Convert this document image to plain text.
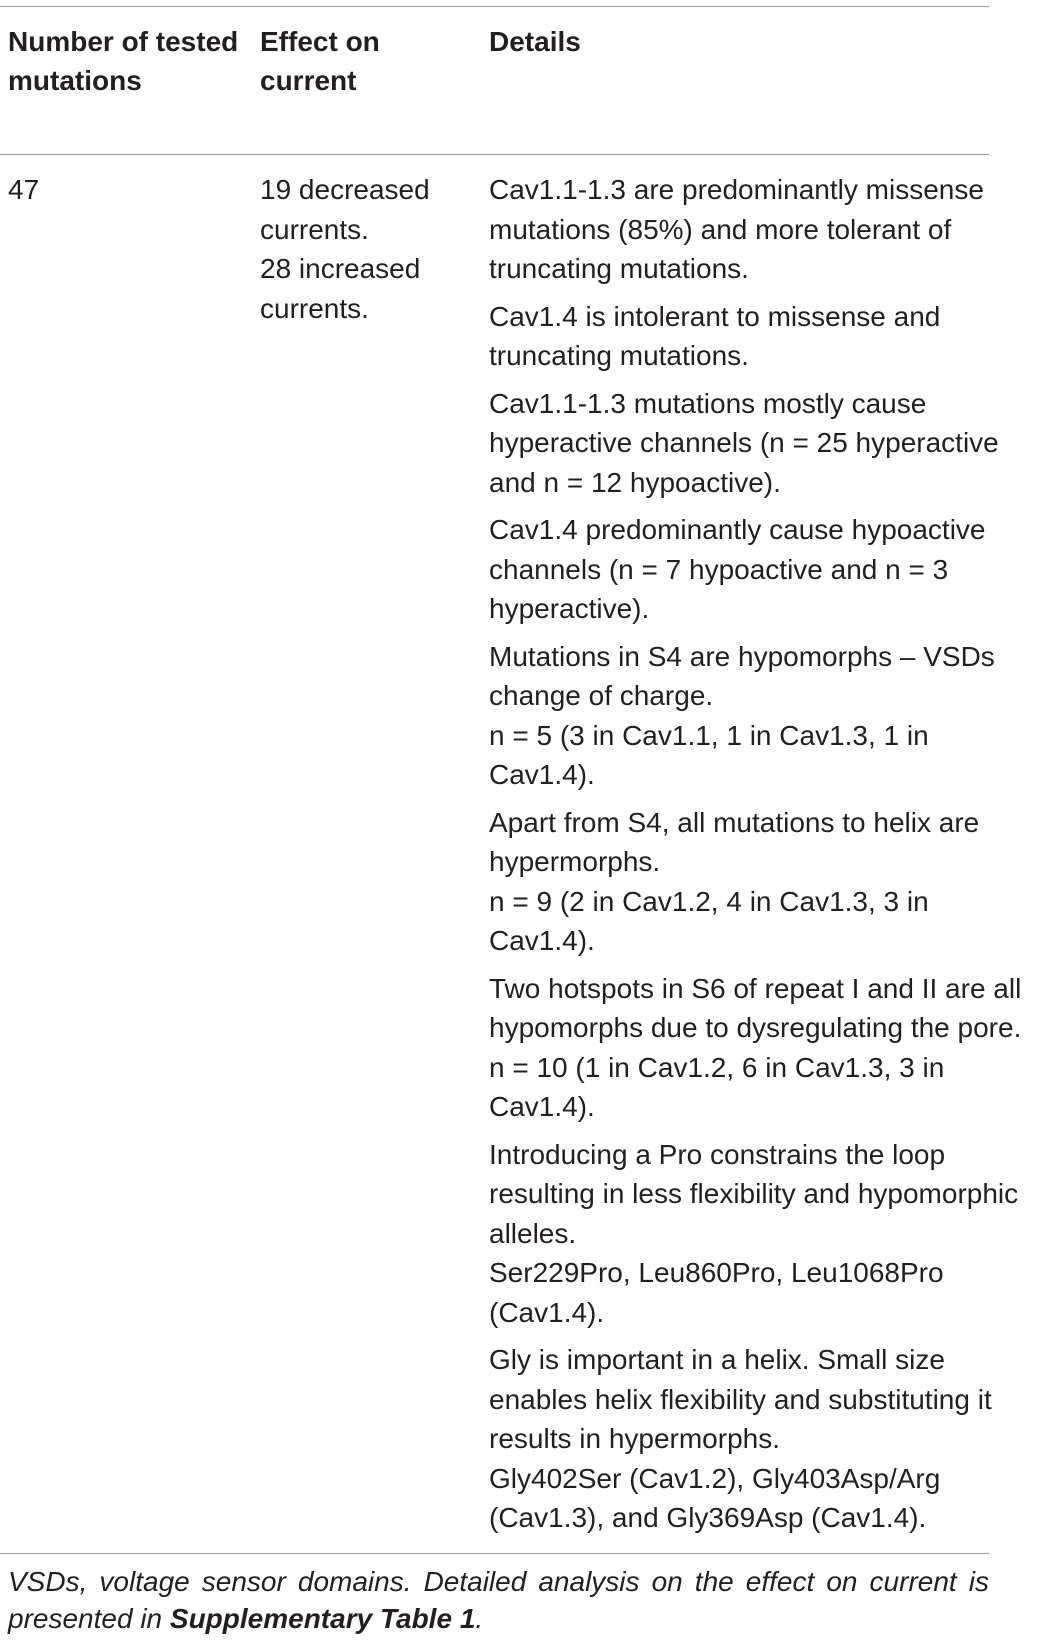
Number of tested mutations
Effect on current
Details
47	19 decreased currents.

28 increased currents.

Cav1.1-1.3 are predominantly missense mutations (85%) and more tolerant of truncating mutations.

Cav1.4 is intolerant to missense and truncating mutations.

Cav1.1-1.3 mutations mostly cause hyperactive channels (n = 25 hyperactive and n = 12 hypoactive).

Cav1.4 predominantly cause hypoactive channels (n = 7 hypoactive and n = 3 hyperactive).

Mutations in S4 are hypomorphs – VSDs change of charge.
n = 5 (3 in Cav1.1, 1 in Cav1.3, 1 in Cav1.4).

Apart from S4, all mutations to helix are hypermorphs.
n = 9 (2 in Cav1.2, 4 in Cav1.3, 3 in Cav1.4).

Two hotspots in S6 of repeat I and II are all hypomorphs due to dysregulating the pore.
n = 10 (1 in Cav1.2, 6 in Cav1.3, 3 in Cav1.4).

Introducing a Pro constrains the loop resulting in less flexibility and hypomorphic alleles.
Ser229Pro, Leu860Pro, Leu1068Pro (Cav1.4).

Gly is important in a helix. Small size enables helix flexibility and substituting it results in hypermorphs.
Gly402Ser (Cav1.2), Gly403Asp/Arg (Cav1.3), and Gly369Asp (Cav1.4).

VSDs, voltage sensor domains. Detailed analysis on the effect on current is presented in Supplementary Table 1.
